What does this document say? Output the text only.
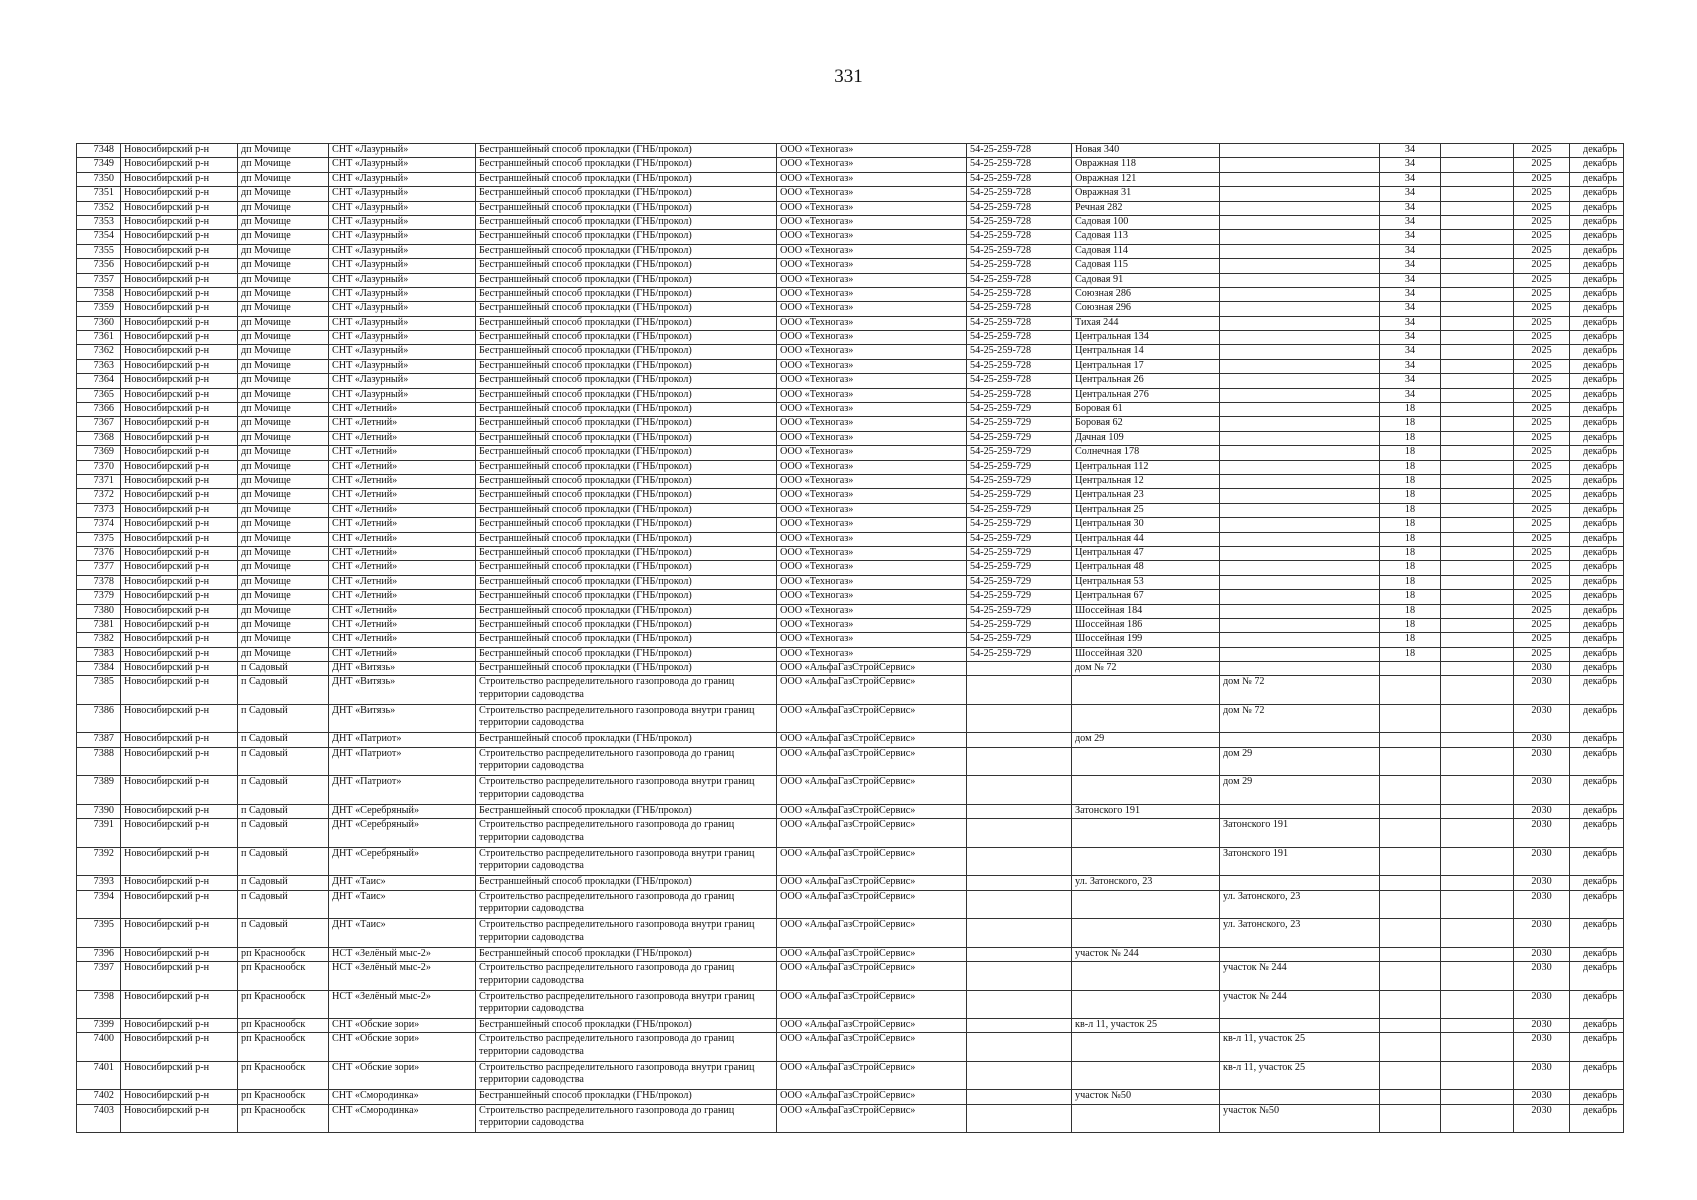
331
7348	Новосибирский р-н	дп Мочище	СНТ «Лазурный»	Бестраншейный способ прокладки (ГНБ/прокол)	ООО «Техногаз»	54-25-259-728	Новая 340		34		2025	декабрь
7349	Новосибирский р-н	дп Мочище	СНТ «Лазурный»	Бестраншейный способ прокладки (ГНБ/прокол)	ООО «Техногаз»	54-25-259-728	Овражная 118		34		2025	декабрь
7350	Новосибирский р-н	дп Мочище	СНТ «Лазурный»	Бестраншейный способ прокладки (ГНБ/прокол)	ООО «Техногаз»	54-25-259-728	Овражная 121		34		2025	декабрь
7351	Новосибирский р-н	дп Мочище	СНТ «Лазурный»	Бестраншейный способ прокладки (ГНБ/прокол)	ООО «Техногаз»	54-25-259-728	Овражная 31		34		2025	декабрь
7352	Новосибирский р-н	дп Мочище	СНТ «Лазурный»	Бестраншейный способ прокладки (ГНБ/прокол)	ООО «Техногаз»	54-25-259-728	Речная 282		34		2025	декабрь
7353	Новосибирский р-н	дп Мочище	СНТ «Лазурный»	Бестраншейный способ прокладки (ГНБ/прокол)	ООО «Техногаз»	54-25-259-728	Садовая 100		34		2025	декабрь
7354	Новосибирский р-н	дп Мочище	СНТ «Лазурный»	Бестраншейный способ прокладки (ГНБ/прокол)	ООО «Техногаз»	54-25-259-728	Садовая 113		34		2025	декабрь
7355	Новосибирский р-н	дп Мочище	СНТ «Лазурный»	Бестраншейный способ прокладки (ГНБ/прокол)	ООО «Техногаз»	54-25-259-728	Садовая 114		34		2025	декабрь
7356	Новосибирский р-н	дп Мочище	СНТ «Лазурный»	Бестраншейный способ прокладки (ГНБ/прокол)	ООО «Техногаз»	54-25-259-728	Садовая 115		34		2025	декабрь
7357	Новосибирский р-н	дп Мочище	СНТ «Лазурный»	Бестраншейный способ прокладки (ГНБ/прокол)	ООО «Техногаз»	54-25-259-728	Садовая 91		34		2025	декабрь
7358	Новосибирский р-н	дп Мочище	СНТ «Лазурный»	Бестраншейный способ прокладки (ГНБ/прокол)	ООО «Техногаз»	54-25-259-728	Союзная 286		34		2025	декабрь
7359	Новосибирский р-н	дп Мочище	СНТ «Лазурный»	Бестраншейный способ прокладки (ГНБ/прокол)	ООО «Техногаз»	54-25-259-728	Союзная 296		34		2025	декабрь
7360	Новосибирский р-н	дп Мочище	СНТ «Лазурный»	Бестраншейный способ прокладки (ГНБ/прокол)	ООО «Техногаз»	54-25-259-728	Тихая 244		34		2025	декабрь
7361	Новосибирский р-н	дп Мочище	СНТ «Лазурный»	Бестраншейный способ прокладки (ГНБ/прокол)	ООО «Техногаз»	54-25-259-728	Центральная 134		34		2025	декабрь
7362	Новосибирский р-н	дп Мочище	СНТ «Лазурный»	Бестраншейный способ прокладки (ГНБ/прокол)	ООО «Техногаз»	54-25-259-728	Центральная 14		34		2025	декабрь
7363	Новосибирский р-н	дп Мочище	СНТ «Лазурный»	Бестраншейный способ прокладки (ГНБ/прокол)	ООО «Техногаз»	54-25-259-728	Центральная 17		34		2025	декабрь
7364	Новосибирский р-н	дп Мочище	СНТ «Лазурный»	Бестраншейный способ прокладки (ГНБ/прокол)	ООО «Техногаз»	54-25-259-728	Центральная 26		34		2025	декабрь
7365	Новосибирский р-н	дп Мочище	СНТ «Лазурный»	Бестраншейный способ прокладки (ГНБ/прокол)	ООО «Техногаз»	54-25-259-728	Центральная 276		34		2025	декабрь
7366	Новосибирский р-н	дп Мочище	СНТ «Летний»	Бестраншейный способ прокладки (ГНБ/прокол)	ООО «Техногаз»	54-25-259-729	Боровая 61		18		2025	декабрь
7367	Новосибирский р-н	дп Мочище	СНТ «Летний»	Бестраншейный способ прокладки (ГНБ/прокол)	ООО «Техногаз»	54-25-259-729	Боровая 62		18		2025	декабрь
7368	Новосибирский р-н	дп Мочище	СНТ «Летний»	Бестраншейный способ прокладки (ГНБ/прокол)	ООО «Техногаз»	54-25-259-729	Дачная 109		18		2025	декабрь
7369	Новосибирский р-н	дп Мочище	СНТ «Летний»	Бестраншейный способ прокладки (ГНБ/прокол)	ООО «Техногаз»	54-25-259-729	Солнечная 178		18		2025	декабрь
7370	Новосибирский р-н	дп Мочище	СНТ «Летний»	Бестраншейный способ прокладки (ГНБ/прокол)	ООО «Техногаз»	54-25-259-729	Центральная 112		18		2025	декабрь
7371	Новосибирский р-н	дп Мочище	СНТ «Летний»	Бестраншейный способ прокладки (ГНБ/прокол)	ООО «Техногаз»	54-25-259-729	Центральная 12		18		2025	декабрь
7372	Новосибирский р-н	дп Мочище	СНТ «Летний»	Бестраншейный способ прокладки (ГНБ/прокол)	ООО «Техногаз»	54-25-259-729	Центральная 23		18		2025	декабрь
7373	Новосибирский р-н	дп Мочище	СНТ «Летний»	Бестраншейный способ прокладки (ГНБ/прокол)	ООО «Техногаз»	54-25-259-729	Центральная 25		18		2025	декабрь
7374	Новосибирский р-н	дп Мочище	СНТ «Летний»	Бестраншейный способ прокладки (ГНБ/прокол)	ООО «Техногаз»	54-25-259-729	Центральная 30		18		2025	декабрь
7375	Новосибирский р-н	дп Мочище	СНТ «Летний»	Бестраншейный способ прокладки (ГНБ/прокол)	ООО «Техногаз»	54-25-259-729	Центральная 44		18		2025	декабрь
7376	Новосибирский р-н	дп Мочище	СНТ «Летний»	Бестраншейный способ прокладки (ГНБ/прокол)	ООО «Техногаз»	54-25-259-729	Центральная 47		18		2025	декабрь
7377	Новосибирский р-н	дп Мочище	СНТ «Летний»	Бестраншейный способ прокладки (ГНБ/прокол)	ООО «Техногаз»	54-25-259-729	Центральная 48		18		2025	декабрь
7378	Новосибирский р-н	дп Мочище	СНТ «Летний»	Бестраншейный способ прокладки (ГНБ/прокол)	ООО «Техногаз»	54-25-259-729	Центральная 53		18		2025	декабрь
7379	Новосибирский р-н	дп Мочище	СНТ «Летний»	Бестраншейный способ прокладки (ГНБ/прокол)	ООО «Техногаз»	54-25-259-729	Центральная 67		18		2025	декабрь
7380	Новосибирский р-н	дп Мочище	СНТ «Летний»	Бестраншейный способ прокладки (ГНБ/прокол)	ООО «Техногаз»	54-25-259-729	Шоссейная 184		18		2025	декабрь
7381	Новосибирский р-н	дп Мочище	СНТ «Летний»	Бестраншейный способ прокладки (ГНБ/прокол)	ООО «Техногаз»	54-25-259-729	Шоссейная 186		18		2025	декабрь
7382	Новосибирский р-н	дп Мочище	СНТ «Летний»	Бестраншейный способ прокладки (ГНБ/прокол)	ООО «Техногаз»	54-25-259-729	Шоссейная 199		18		2025	декабрь
7383	Новосибирский р-н	дп Мочище	СНТ «Летний»	Бестраншейный способ прокладки (ГНБ/прокол)	ООО «Техногаз»	54-25-259-729	Шоссейная 320		18		2025	декабрь
7384	Новосибирский р-н	п Садовый	ДНТ «Витязь»	Бестраншейный способ прокладки (ГНБ/прокол)	ООО «АльфаГазСтройСервис»		дом № 72				2030	декабрь
7385	Новосибирский р-н	п Садовый	ДНТ «Витязь»	Строительство распределительного газопровода до границ территории садоводства	ООО «АльфаГазСтройСервис»			дом № 72			2030	декабрь
7386	Новосибирский р-н	п Садовый	ДНТ «Витязь»	Строительство распределительного газопровода внутри границ территории садоводства	ООО «АльфаГазСтройСервис»			дом № 72			2030	декабрь
7387	Новосибирский р-н	п Садовый	ДНТ «Патриот»	Бестраншейный способ прокладки (ГНБ/прокол)	ООО «АльфаГазСтройСервис»		дом 29				2030	декабрь
7388	Новосибирский р-н	п Садовый	ДНТ «Патриот»	Строительство распределительного газопровода до границ территории садоводства	ООО «АльфаГазСтройСервис»			дом 29			2030	декабрь
7389	Новосибирский р-н	п Садовый	ДНТ «Патриот»	Строительство распределительного газопровода внутри границ территории садоводства	ООО «АльфаГазСтройСервис»			дом 29			2030	декабрь
7390	Новосибирский р-н	п Садовый	ДНТ «Серебряный»	Бестраншейный способ прокладки (ГНБ/прокол)	ООО «АльфаГазСтройСервис»		Затонского 191				2030	декабрь
7391	Новосибирский р-н	п Садовый	ДНТ «Серебряный»	Строительство распределительного газопровода до границ территории садоводства	ООО «АльфаГазСтройСервис»			Затонского 191			2030	декабрь
7392	Новосибирский р-н	п Садовый	ДНТ «Серебряный»	Строительство распределительного газопровода внутри границ территории садоводства	ООО «АльфаГазСтройСервис»			Затонского 191			2030	декабрь
7393	Новосибирский р-н	п Садовый	ДНТ «Таис»	Бестраншейный способ прокладки (ГНБ/прокол)	ООО «АльфаГазСтройСервис»		ул. Затонского, 23				2030	декабрь
7394	Новосибирский р-н	п Садовый	ДНТ «Таис»	Строительство распределительного газопровода до границ территории садоводства	ООО «АльфаГазСтройСервис»			ул. Затонского, 23			2030	декабрь
7395	Новосибирский р-н	п Садовый	ДНТ «Таис»	Строительство распределительного газопровода внутри границ территории садоводства	ООО «АльфаГазСтройСервис»			ул. Затонского, 23			2030	декабрь
7396	Новосибирский р-н	рп Краснообск	НСТ «Зелёный мыс-2»	Бестраншейный способ прокладки (ГНБ/прокол)	ООО «АльфаГазСтройСервис»		участок № 244				2030	декабрь
7397	Новосибирский р-н	рп Краснообск	НСТ «Зелёный мыс-2»	Строительство распределительного газопровода до границ территории садоводства	ООО «АльфаГазСтройСервис»			участок № 244			2030	декабрь
7398	Новосибирский р-н	рп Краснообск	НСТ «Зелёный мыс-2»	Строительство распределительного газопровода внутри границ территории садоводства	ООО «АльфаГазСтройСервис»			участок № 244			2030	декабрь
7399	Новосибирский р-н	рп Краснообск	СНТ «Обские зори»	Бестраншейный способ прокладки (ГНБ/прокол)	ООО «АльфаГазСтройСервис»		кв-л 11, участок 25				2030	декабрь
7400	Новосибирский р-н	рп Краснообск	СНТ «Обские зори»	Строительство распределительного газопровода до границ территории садоводства	ООО «АльфаГазСтройСервис»			кв-л 11, участок 25			2030	декабрь
7401	Новосибирский р-н	рп Краснообск	СНТ «Обские зори»	Строительство распределительного газопровода внутри границ территории садоводства	ООО «АльфаГазСтройСервис»			кв-л 11, участок 25			2030	декабрь
7402	Новосибирский р-н	рп Краснообск	СНТ «Смородинка»	Бестраншейный способ прокладки (ГНБ/прокол)	ООО «АльфаГазСтройСервис»		участок №50				2030	декабрь
7403	Новосибирский р-н	рп Краснообск	СНТ «Смородинка»	Строительство распределительного газопровода до границ территории садоводства	ООО «АльфаГазСтройСервис»			участок №50			2030	декабрь
